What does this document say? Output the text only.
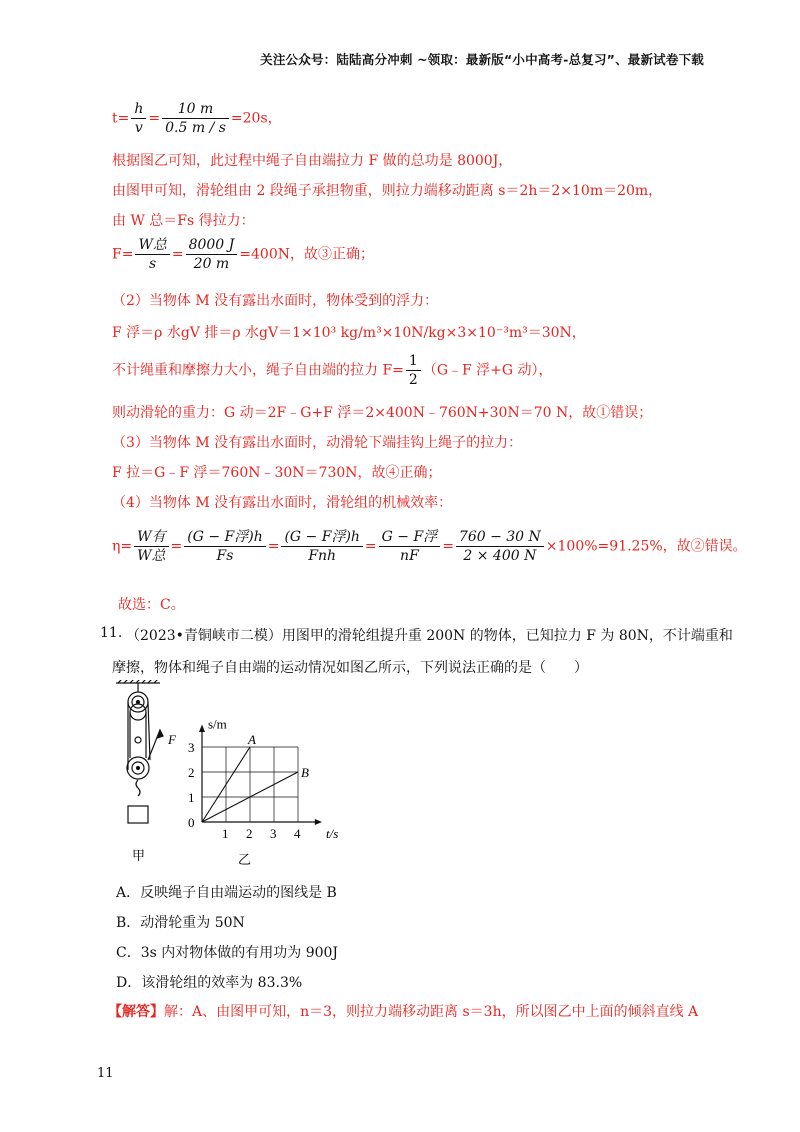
关注公众号：陆陆高分冲刺 ~领取：最新版“小中高考-总复习”、最新试卷下载
$t= \frac{h}{v} = \frac{10 m}{0.5 m / s} =20s$，
根据图乙可知，此过程中绳子自由端拉力 F 做的总功是 8000J，
由图甲可知，滑轮组由 2 段绳子承担物重，则拉力端移动距离 s＝2h＝2×10m＝20m，
由 W 总＝Fs 得拉力：
$F= \frac{\text{W总}}{s} = \frac{8000 J}{20 m} =400N$，故③正确；
（2）当物体 M 没有露出水面时，物体受到的浮力：
F 浮＝ρ 水gV 排＝ρ 水gV＝1×10³ kg/m³×10N/kg×3×10⁻³m³＝30N，
不计绳重和摩擦力大小，绳子自由端的拉力 $F= \frac{1}{2}$ （G﹣F 浮+G 动），
则动滑轮的重力：G 动＝2F﹣G+F 浮＝2×400N﹣760N+30N＝70 N，故①错误；
（3）当物体 M 没有露出水面时，动滑轮下端挂钩上绳子的拉力：
F 拉＝G﹣F 浮＝760N﹣30N＝730N，故④正确；
（4）当物体 M 没有露出水面时，滑轮组的机械效率：
$\eta= \frac{\text{W有}}{\text{W总}} = \frac{\text{(G − F浮)h}}{Fs} = \frac{\text{(G − F浮)h}}{\text{Fnh}} = \frac{\text{G − F浮}}{nF} = \frac{760 - 30 N}{2 \times 400 N} \times 100\%=91.25\%$，故②错误。
故选：C。
11. （2023•青铜峡市二模）用图甲的滑轮组提升重 200N 的物体，已知拉力 F 为 80N，不计端重和
摩擦，物体和绳子自由端的运动情况如图乙所示，下列说法正确的是（　　）
F
甲
A
B
3
2
1
0
1 2 3 4
s/m
t/s
乙
A．反映绳子自由端运动的图线是 B
B．动滑轮重为 50N
C．3s 内对物体做的有用功为 900J
D．该滑轮组的效率为 83.3%
【解答】解：A、由图甲可知，n＝3，则拉力端移动距离 s＝3h，所以图乙中上面的倾斜直线 A
11
